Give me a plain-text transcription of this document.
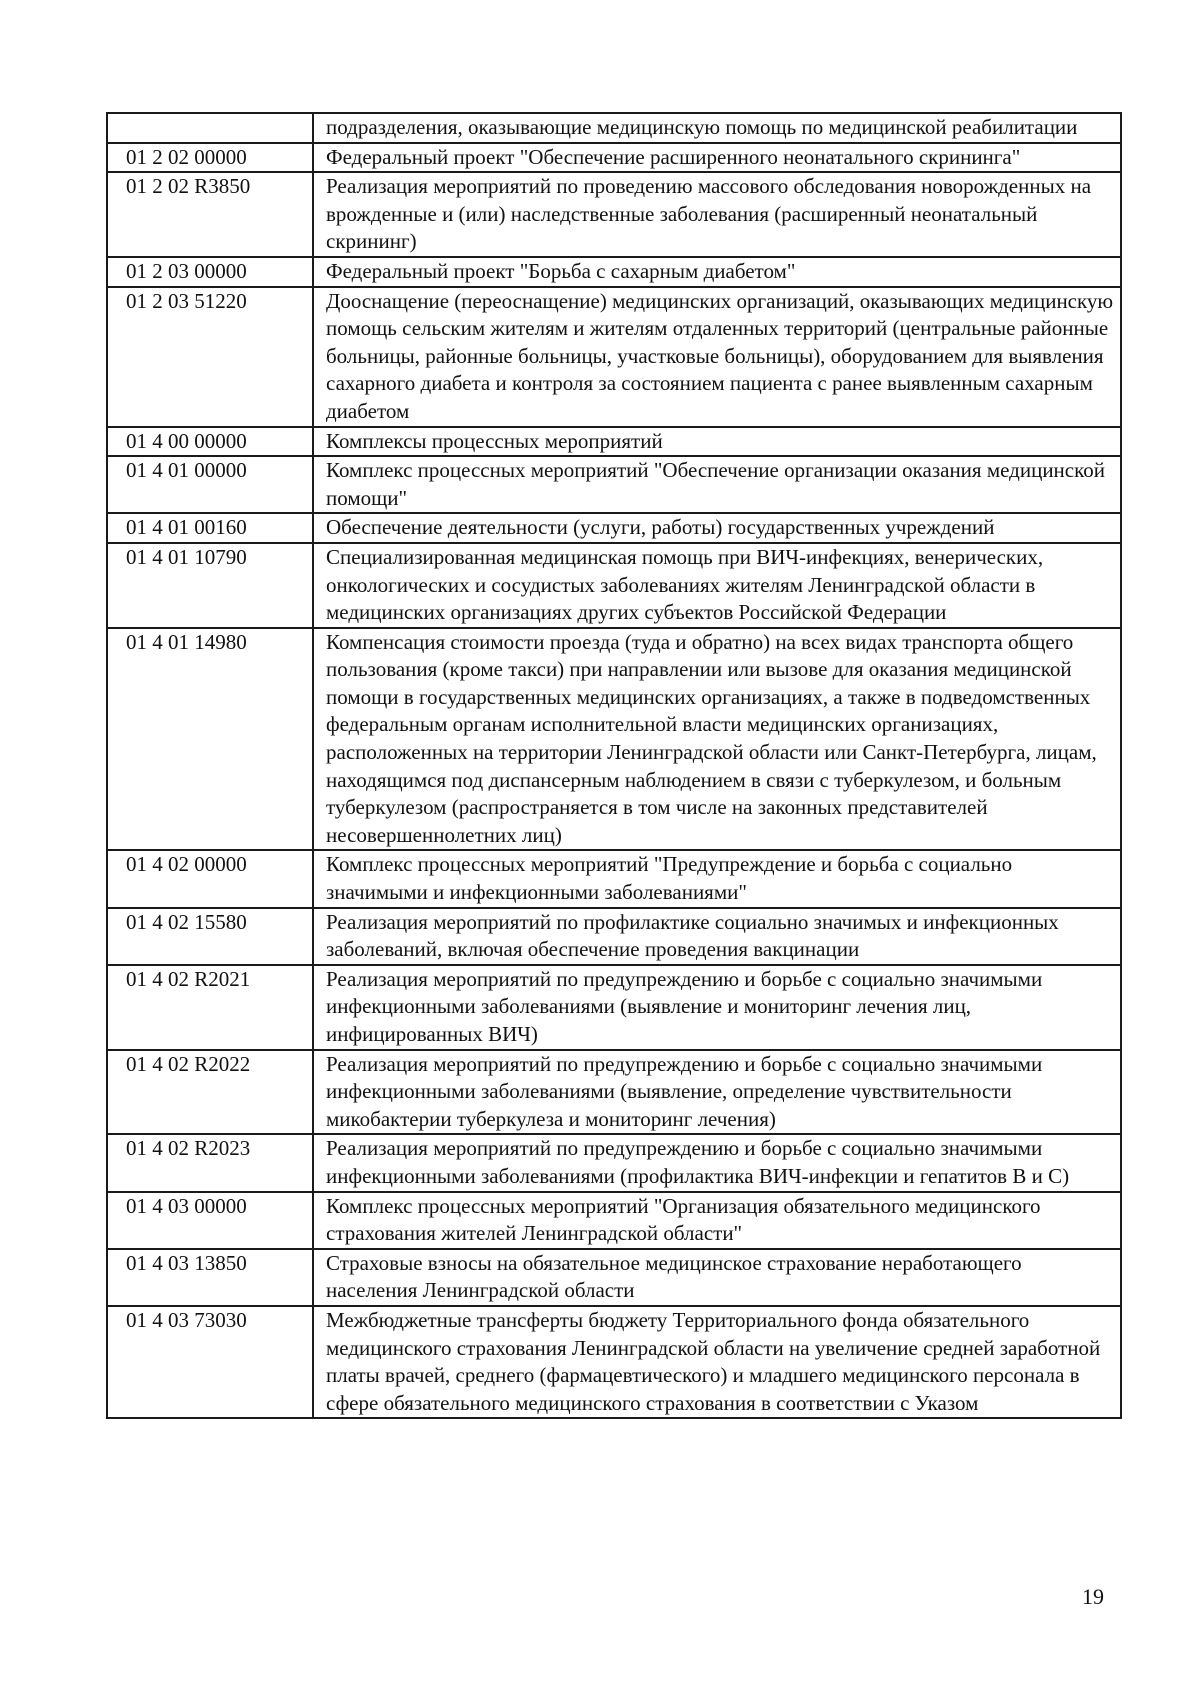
	подразделения, оказывающие медицинскую помощь по медицинской реабилитации
01 2 02 00000	Федеральный проект "Обеспечение расширенного неонатального скрининга"
01 2 02 R3850	Реализация мероприятий по проведению массового обследования новорожденных на врожденные и (или) наследственные заболевания (расширенный неонатальный скрининг)
01 2 03 00000	Федеральный проект "Борьба с сахарным диабетом"
01 2 03 51220	Дооснащение (переоснащение) медицинских организаций, оказывающих медицинскую помощь сельским жителям и жителям отдаленных территорий (центральные районные больницы, районные больницы, участковые больницы), оборудованием для выявления сахарного диабета и контроля за состоянием пациента с ранее выявленным сахарным диабетом
01 4 00 00000	Комплексы процессных мероприятий
01 4 01 00000	Комплекс процессных мероприятий "Обеспечение организации оказания медицинской помощи"
01 4 01 00160	Обеспечение деятельности (услуги, работы) государственных учреждений
01 4 01 10790	Специализированная медицинская помощь при ВИЧ-инфекциях, венерических, онкологических и сосудистых заболеваниях жителям Ленинградской области в медицинских организациях других субъектов Российской Федерации
01 4 01 14980	Компенсация стоимости проезда (туда и обратно) на всех видах транспорта общего пользования (кроме такси) при направлении или вызове для оказания медицинской помощи в государственных медицинских организациях, а также в подведомственных федеральным органам исполнительной власти медицинских организациях, расположенных на территории Ленинградской области или Санкт-Петербурга, лицам, находящимся под диспансерным наблюдением в связи с туберкулезом, и больным туберкулезом (распространяется в том числе на законных представителей несовершеннолетних лиц)
01 4 02 00000	Комплекс процессных мероприятий "Предупреждение и борьба с социально значимыми и инфекционными заболеваниями"
01 4 02 15580	Реализация мероприятий по профилактике социально значимых и инфекционных заболеваний, включая обеспечение проведения вакцинации
01 4 02 R2021	Реализация мероприятий по предупреждению и борьбе с социально значимыми инфекционными заболеваниями (выявление и мониторинг лечения лиц, инфицированных ВИЧ)
01 4 02 R2022	Реализация мероприятий по предупреждению и борьбе с социально значимыми инфекционными заболеваниями (выявление, определение чувствительности микобактерии туберкулеза и мониторинг лечения)
01 4 02 R2023	Реализация мероприятий по предупреждению и борьбе с социально значимыми инфекционными заболеваниями (профилактика ВИЧ-инфекции и гепатитов B и C)
01 4 03 00000	Комплекс процессных мероприятий "Организация обязательного медицинского страхования жителей Ленинградской области"
01 4 03 13850	Страховые взносы на обязательное медицинское страхование неработающего населения Ленинградской области
01 4 03 73030	Межбюджетные трансферты бюджету Территориального фонда обязательного медицинского страхования Ленинградской области на увеличение средней заработной платы врачей, среднего (фармацевтического) и младшего медицинского персонала в сфере обязательного медицинского страхования в соответствии с Указом
19
